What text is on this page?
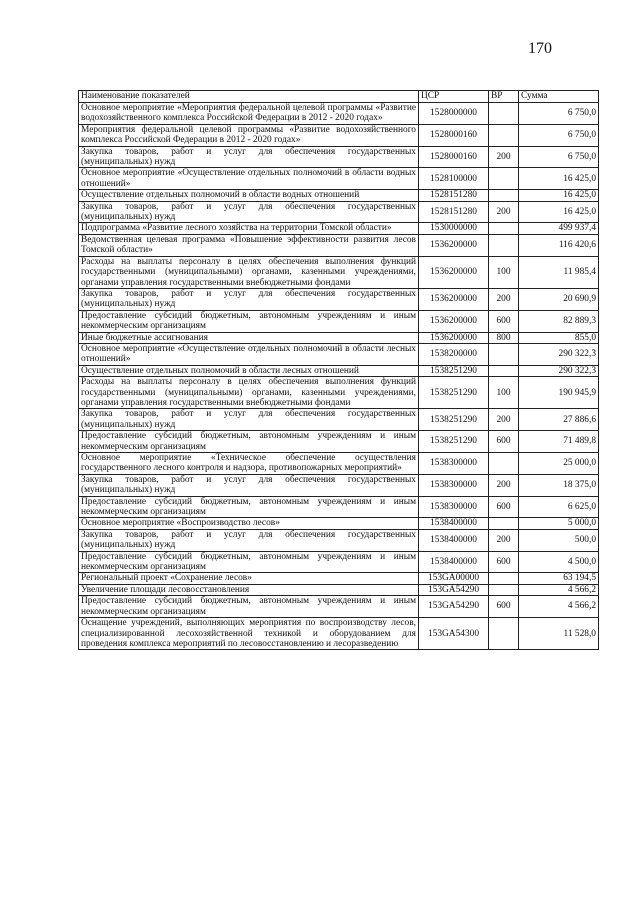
170
Наименование показателей	ЦСР	ВР	Сумма
Основное мероприятие «Мероприятия федеральной целевой программы «Развитие водохозяйственного комплекса Российской Федерации в 2012 - 2020 годах»	1528000000		6 750,0
Мероприятия федеральной целевой программы «Развитие водохозяйственного комплекса Российской Федерации в 2012 - 2020 годах»	1528000160		6 750,0
Закупка товаров, работ и услуг для обеспечения государственных (муниципальных) нужд	1528000160	200	6 750,0
Основное мероприятие «Осуществление отдельных полномочий в области водных отношений»	1528100000		16 425,0
Осуществление отдельных полномочий в области водных отношений	1528151280		16 425,0
Закупка товаров, работ и услуг для обеспечения государственных (муниципальных) нужд	1528151280	200	16 425,0
Подпрограмма «Развитие лесного хозяйства на территории Томской области»	1530000000		499 937,4
Ведомственная целевая программа «Повышение эффективности развития лесов Томской области»	1536200000		116 420,6
Расходы на выплаты персоналу в целях обеспечения выполнения функций государственными (муниципальными) органами, казенными учреждениями, органами управления государственными внебюджетными фондами	1536200000	100	11 985,4
Закупка товаров, работ и услуг для обеспечения государственных (муниципальных) нужд	1536200000	200	20 690,9
Предоставление субсидий бюджетным, автономным учреждениям и иным некоммерческим организациям	1536200000	600	82 889,3
Иные бюджетные ассигнования	1536200000	800	855,0
Основное мероприятие «Осуществление отдельных полномочий в области лесных отношений»	1538200000		290 322,3
Осуществление отдельных полномочий в области лесных отношений	1538251290		290 322,3
Расходы на выплаты персоналу в целях обеспечения выполнения функций государственными (муниципальными) органами, казенными учреждениями, органами управления государственными внебюджетными фондами	1538251290	100	190 945,9
Закупка товаров, работ и услуг для обеспечения государственных (муниципальных) нужд	1538251290	200	27 886,6
Предоставление субсидий бюджетным, автономным учреждениям и иным некоммерческим организациям	1538251290	600	71 489,8
Основное мероприятие «Техническое обеспечение осуществления государственного лесного контроля и надзора, противопожарных мероприятий»	1538300000		25 000,0
Закупка товаров, работ и услуг для обеспечения государственных (муниципальных) нужд	1538300000	200	18 375,0
Предоставление субсидий бюджетным, автономным учреждениям и иным некоммерческим организациям	1538300000	600	6 625,0
Основное мероприятие «Воспроизводство лесов»	1538400000		5 000,0
Закупка товаров, работ и услуг для обеспечения государственных (муниципальных) нужд	1538400000	200	500,0
Предоставление субсидий бюджетным, автономным учреждениям и иным некоммерческим организациям	1538400000	600	4 500,0
Региональный проект «Сохранение лесов»	153GA00000		63 194,5
Увеличение площади лесовосстановления	153GA54290		4 566,2
Предоставление субсидий бюджетным, автономным учреждениям и иным некоммерческим организациям	153GA54290	600	4 566,2
Оснащение учреждений, выполняющих мероприятия по воспроизводству лесов, специализированной лесохозяйственной техникой и оборудованием для проведения комплекса мероприятий по лесовосстановлению и лесоразведению	153GA54300		11 528,0
